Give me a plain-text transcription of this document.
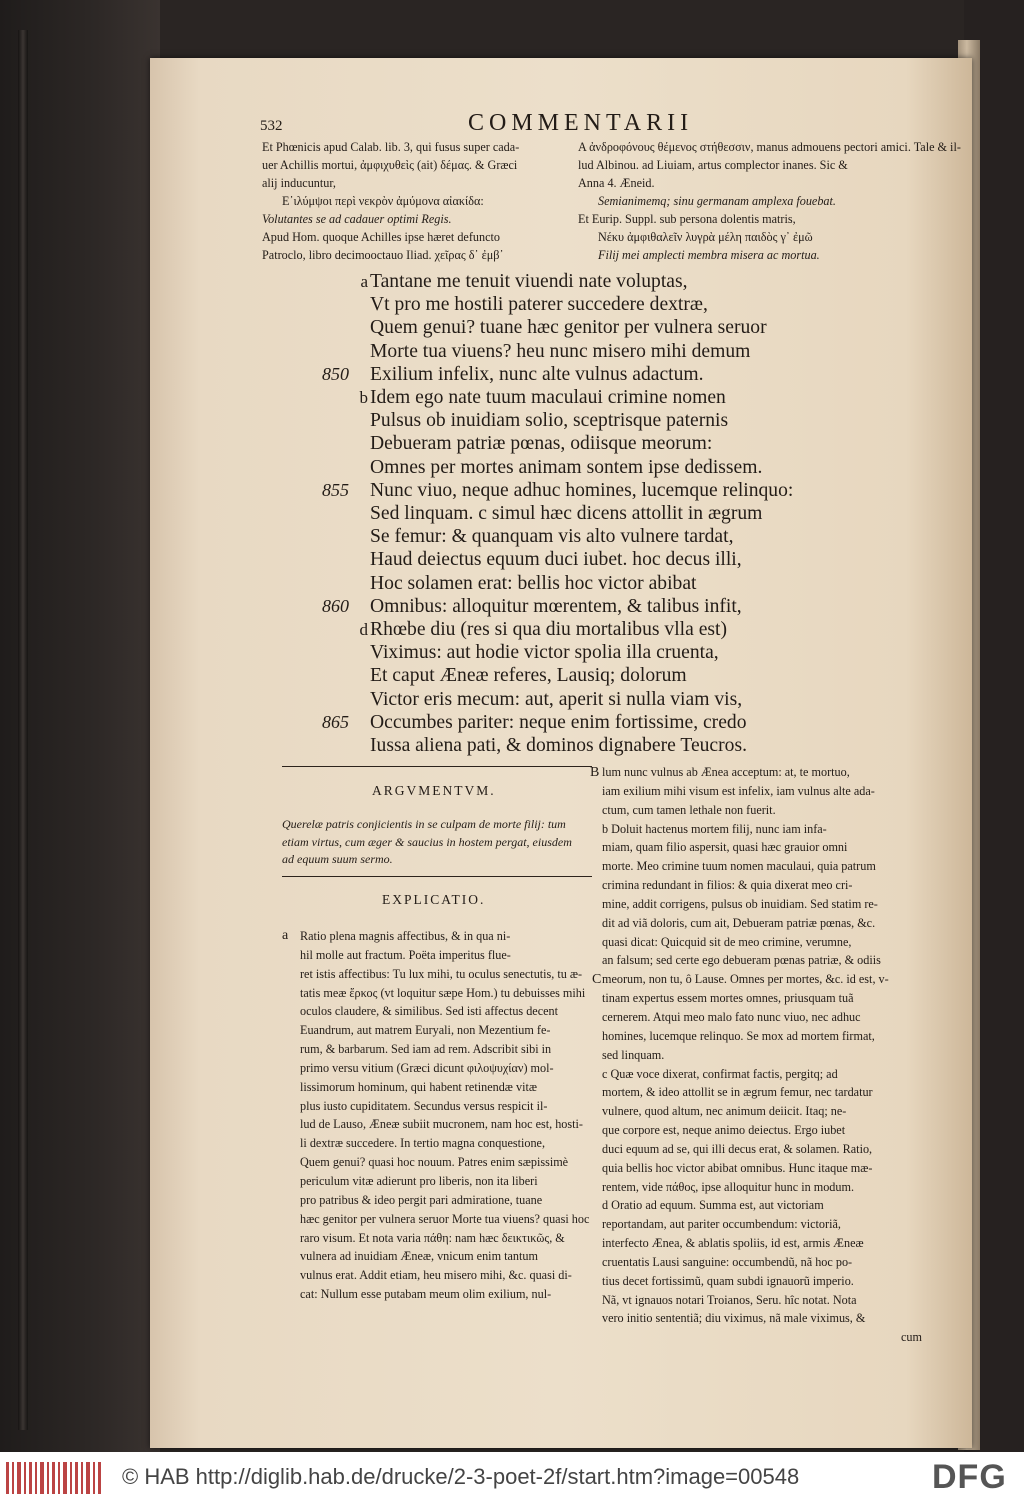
532	COMMENTARII
Et Phœnicis apud Calab. lib. 3, qui fusus super cada-
uer Achillis mortui, ἀμφιχυθεὶς (ait) δέμας. & Græci
alij inducuntur,
Ε᾽ιλύμψοι περὶ νεκρὸν ἀμύμονα αἰακίδα:
Volutantes se ad cadauer optimi Regis.
Apud Hom. quoque Achilles ipse hæret defuncto
Patroclo, libro decimooctauo Iliad. χεῖρας δ᾽ ἐμβ᾽
A ἀνδροφόνους θέμενος στήθεσσιν, manus admouens pectori amici. Tale & il-
lud Albinou. ad Liuiam, artus complector inanes. Sic &
Anna 4. Æneid.
Semianimemq; sinu germanam amplexa fouebat.
Et Eurip. Suppl. sub persona dolentis matris,
Νέκυ ἀμφιθαλεῖν λυγρὰ μέλη παιδὸς γ᾽ ἐμῶ
Filij mei amplecti membra misera ac mortua.
a Tantane me tenuit viuendi nate voluptas,
Vt pro me hostili paterer succedere dextræ,
Quem genui? tuane hæc genitor per vulnera seruor
Morte tua viuens? heu nunc misero mihi demum
850	Exilium infelix, nunc alte vulnus adactum.
b Idem ego nate tuum maculaui crimine nomen
Pulsus ob inuidiam solio, sceptrisque paternis
Debueram patriæ pœnas, odiisque meorum:
Omnes per mortes animam sontem ipse dedissem.
855	Nunc viuo, neque adhuc homines, lucemque relinquo:
Sed linquam. c simul hæc dicens attollit in ægrum
Se femur: & quanquam vis alto vulnere tardat,
Haud deiectus equum duci iubet. hoc decus illi,
Hoc solamen erat: bellis hoc victor abibat
860	Omnibus: alloquitur mœrentem, & talibus infit,
d Rhœbe diu (res si qua diu mortalibus vlla est)
Viximus: aut hodie victor spolia illa cruenta,
Et caput Æneæ referes, Lausiq; dolorum
Victor eris mecum: aut, aperit si nulla viam vis,
865	Occumbes pariter: neque enim fortissime, credo
Iussa aliena pati, & dominos dignabere Teucros.
ARGVMENTVM.
Querelæ patris conjicientis in se culpam de morte filij: tum
etiam virtus, cum æger & saucius in hostem pergat, eiusdem
ad equum suum sermo.
EXPLICATIO.
a Ratio plena magnis affectibus, & in qua ni-
hil molle aut fractum. Poëta imperitus flue-
ret istis affectibus: Tu lux mihi, tu oculus senectutis, tu æ-
tatis meæ ἕρκος (vt loquitur sæpe Hom.) tu debuisses mihi
oculos claudere, & similibus. Sed isti affectus decent
Euandrum, aut matrem Euryali, non Mezentium fe-
rum, & barbarum. Sed iam ad rem. Adscribit sibi in
primo versu vitium (Græci dicunt φιλοψυχίαν) mol-
lissimorum hominum, qui habent retinendæ vitæ
plus iusto cupiditatem. Secundus versus respicit il-
lud de Lauso, Æneæ subiit mucronem, nam hoc est, hosti-
li dextræ succedere. In tertio magna conquestione,
Quem genui? quasi hoc nouum. Patres enim sæpissimè
periculum vitæ adierunt pro liberis, non ita liberi
pro patribus & ideo pergit pari admiratione, tuane
hæc genitor per vulnera seruor Morte tua viuens? quasi hoc
raro visum. Et nota varia πάθη: nam hæc δεικτικῶς, &
vulnera ad inuidiam Æneæ, vnicum enim tantum
vulnus erat. Addit etiam, heu misero mihi, &c. quasi di-
cat: Nullum esse putabam meum olim exilium, nul-
B
C
lum nunc vulnus ab Ænea acceptum: at, te mortuo,
iam exilium mihi visum est infelix, iam vulnus alte ada-
ctum, cum tamen lethale non fuerit.
b Doluit hactenus mortem filij, nunc iam infa-
miam, quam filio aspersit, quasi hæc grauior omni
morte. Meo crimine tuum nomen maculaui, quia patrum
crimina redundant in filios: & quia dixerat meo cri-
mine, addit corrigens, pulsus ob inuidiam. Sed statim re-
dit ad viã doloris, cum ait, Debueram patriæ pœnas, &c.
quasi dicat: Quicquid sit de meo crimine, verumne,
an falsum; sed certe ego debueram pœnas patriæ, & odiis
meorum, non tu, ô Lause. Omnes per mortes, &c. id est, v-
tinam expertus essem mortes omnes, priusquam tuã
cernerem. Atqui meo malo fato nunc viuo, nec adhuc
homines, lucemque relinquo. Se mox ad mortem firmat,
sed linquam.
c Quæ voce dixerat, confirmat factis, pergitq; ad
mortem, & ideo attollit se in ægrum femur, nec tardatur
vulnere, quod altum, nec animum deiicit. Itaq; ne-
que corpore est, neque animo deiectus. Ergo iubet
duci equum ad se, qui illi decus erat, & solamen. Ratio,
quia bellis hoc victor abibat omnibus. Hunc itaque mæ-
rentem, vide πάθος, ipse alloquitur hunc in modum.
d Oratio ad equum. Summa est, aut victoriam
reportandam, aut pariter occumbendum: victoriã,
interfecto Ænea, & ablatis spoliis, id est, armis Æneæ
cruentatis Lausi sanguine: occumbendũ, nã hoc po-
tius decet fortissimũ, quam subdi ignauorũ imperio.
Nã, vt ignauos notari Troianos, Seru. hîc notat. Nota
vero initio sententiã; diu viximus, nã male viximus, &
cum
© HAB http://diglib.hab.de/drucke/2-3-poet-2f/start.htm?image=00548	DFG
